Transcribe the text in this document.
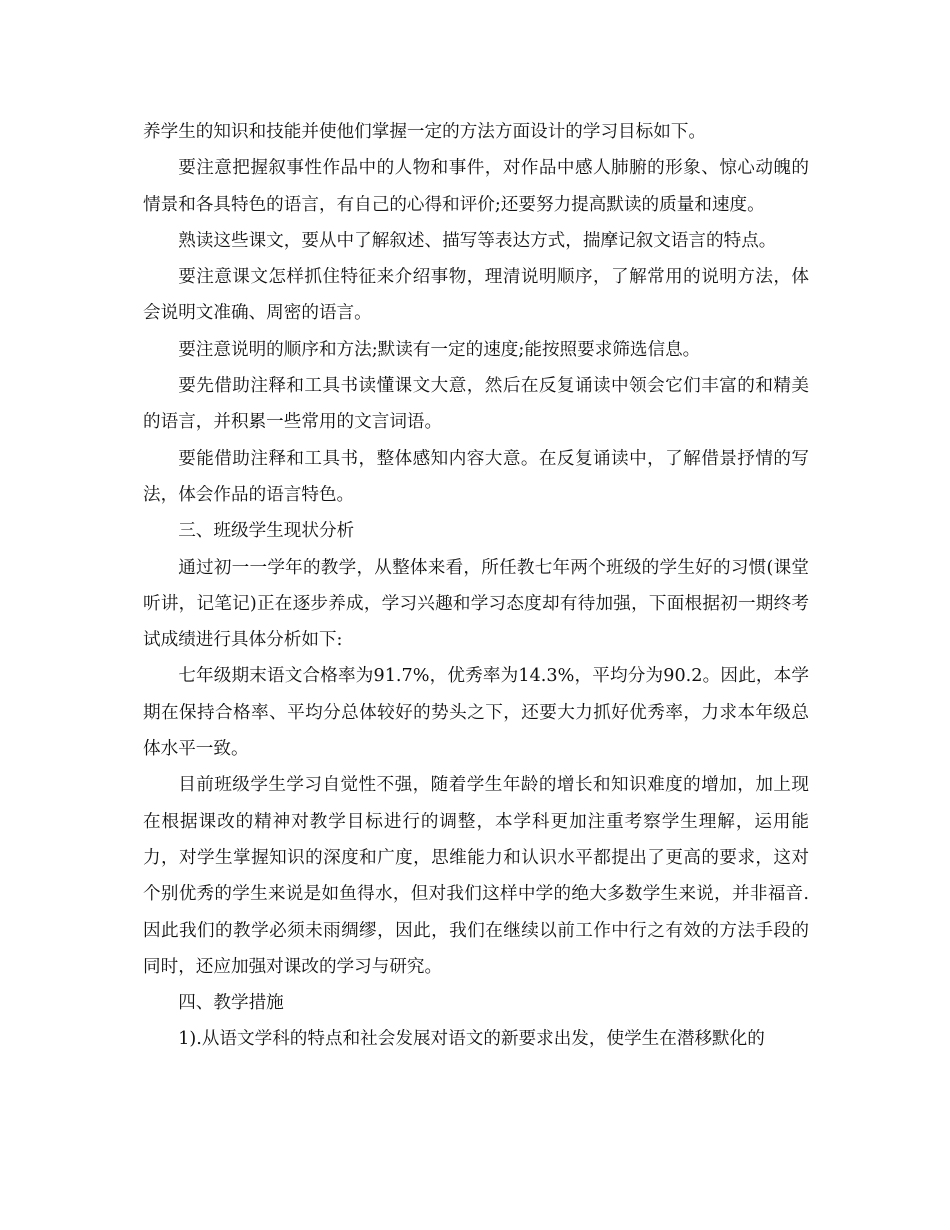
养学生的知识和技能并使他们掌握一定的方法方面设计的学习目标如下。

要注意把握叙事性作品中的人物和事件，对作品中感人肺腑的形象、惊心动魄的情景和各具特色的语言，有自己的心得和评价;还要努力提高默读的质量和速度。

熟读这些课文，要从中了解叙述、描写等表达方式，揣摩记叙文语言的特点。

要注意课文怎样抓住特征来介绍事物，理清说明顺序，了解常用的说明方法，体会说明文准确、周密的语言。

要注意说明的顺序和方法;默读有一定的速度;能按照要求筛选信息。

要先借助注释和工具书读懂课文大意，然后在反复诵读中领会它们丰富的和精美的语言，并积累一些常用的文言词语。

要能借助注释和工具书，整体感知内容大意。在反复诵读中，了解借景抒情的写法，体会作品的语言特色。

三、班级学生现状分析

通过初一一学年的教学，从整体来看，所任教七年两个班级的学生好的习惯(课堂听讲，记笔记)正在逐步养成，学习兴趣和学习态度却有待加强，下面根据初一期终考试成绩进行具体分析如下:

七年级期末语文合格率为91.7%，优秀率为14.3%，平均分为90.2。因此，本学期在保持合格率、平均分总体较好的势头之下，还要大力抓好优秀率，力求本年级总体水平一致。

目前班级学生学习自觉性不强，随着学生年龄的增长和知识难度的增加，加上现在根据课改的精神对教学目标进行的调整，本学科更加注重考察学生理解，运用能力，对学生掌握知识的深度和广度，思维能力和认识水平都提出了更高的要求，这对个别优秀的学生来说是如鱼得水，但对我们这样中学的绝大多数学生来说，并非福音.因此我们的教学必须未雨绸缪，因此，我们在继续以前工作中行之有效的方法手段的同时，还应加强对课改的学习与研究。

四、教学措施

1).从语文学科的特点和社会发展对语文的新要求出发，使学生在潜移默化的
